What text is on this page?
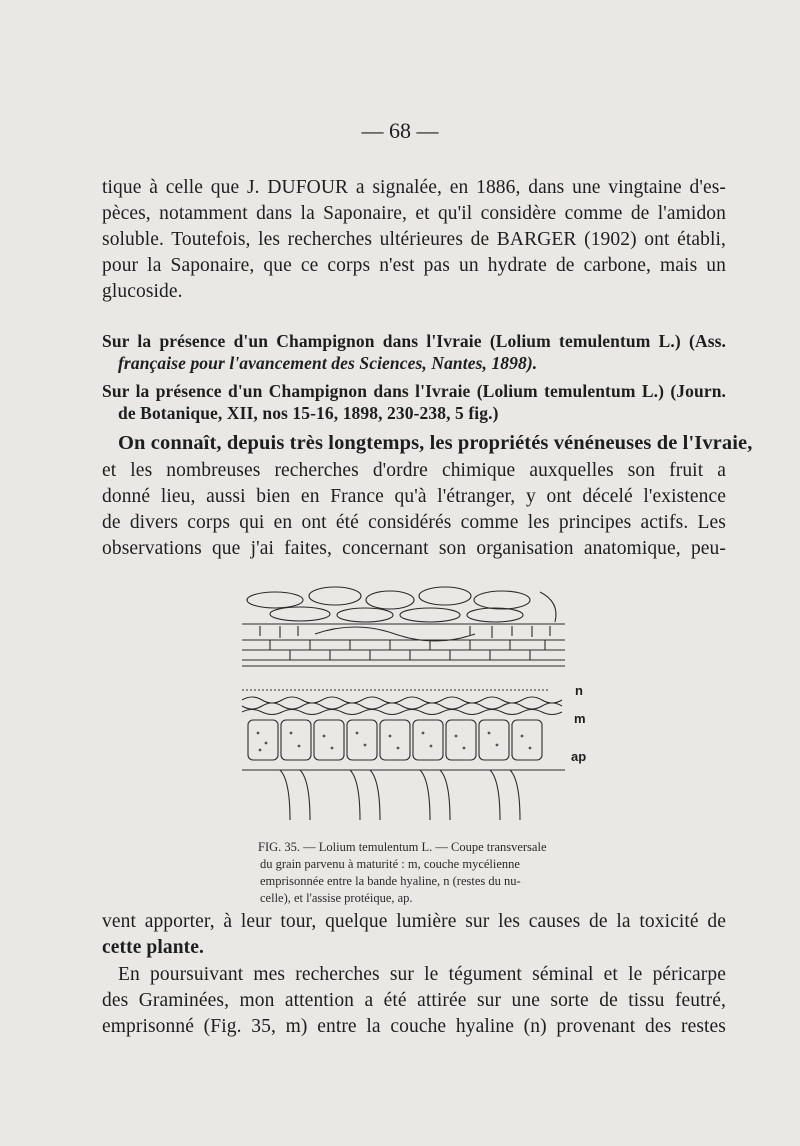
— 68 —
tique à celle que J. DUFOUR a signalée, en 1886, dans une vingtaine d'es-
pèces, notamment dans la Saponaire, et qu'il considère comme de l'amidon
soluble. Toutefois, les recherches ultérieures de BARGER (1902) ont établi,
pour la Saponaire, que ce corps n'est pas un hydrate de carbone, mais un
glucoside.
Sur la présence d'un Champignon dans l'Ivraie (Lolium temulentum L.) (Ass.
française pour l'avancement des Sciences, Nantes, 1898).
Sur la présence d'un Champignon dans l'Ivraie (Lolium temulentum L.) (Journ.
de Botanique, XII, nos 15-16, 1898, 230-238, 5 fig.)
On connaît, depuis très longtemps, les propriétés vénéneuses de l'Ivraie,
et les nombreuses recherches d'ordre chimique auxquelles son fruit a
donné lieu, aussi bien en France qu'à l'étranger, y ont décelé l'existence
de divers corps qui en ont été considérés comme les principes actifs. Les
observations que j'ai faites, concernant son organisation anatomique, peu-
n
m
ap
FIG. 35. — Lolium temulentum L. — Coupe transversale
du grain parvenu à maturité : m, couche mycélienne
emprisonnée entre la bande hyaline, n (restes du nu-
celle), et l'assise protéique, ap.
vent apporter, à leur tour, quelque lumière sur les causes de la toxicité de
cette plante.
En poursuivant mes recherches sur le tégument séminal et le péricarpe
des Graminées, mon attention a été attirée sur une sorte de tissu feutré,
emprisonné (Fig. 35, m) entre la couche hyaline (n) provenant des restes
